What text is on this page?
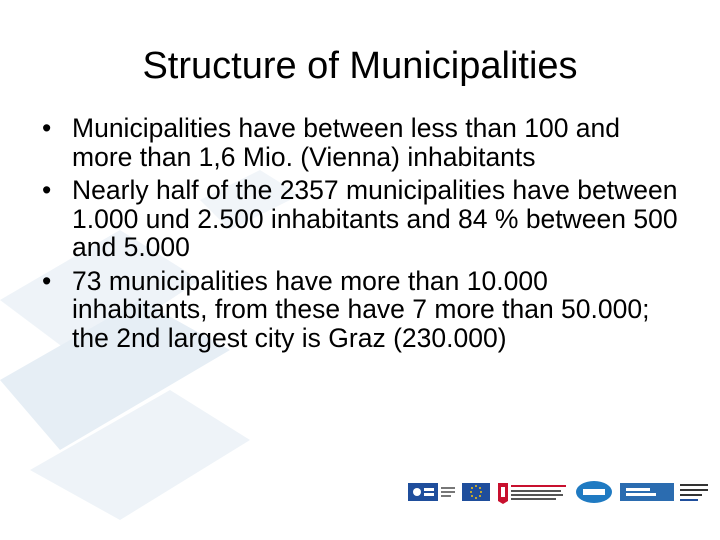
Structure of Municipalities
• Municipalities have between less than 100 and more than 1,6 Mio. (Vienna) inhabitants
• Nearly half of the 2357 municipalities have between 1.000 und 2.500 inhabitants and 84 % between 500 and 5.000
• 73 municipalities have more than 10.000 inhabitants, from these have 7 more than 50.000; the 2nd largest city is Graz (230.000)
